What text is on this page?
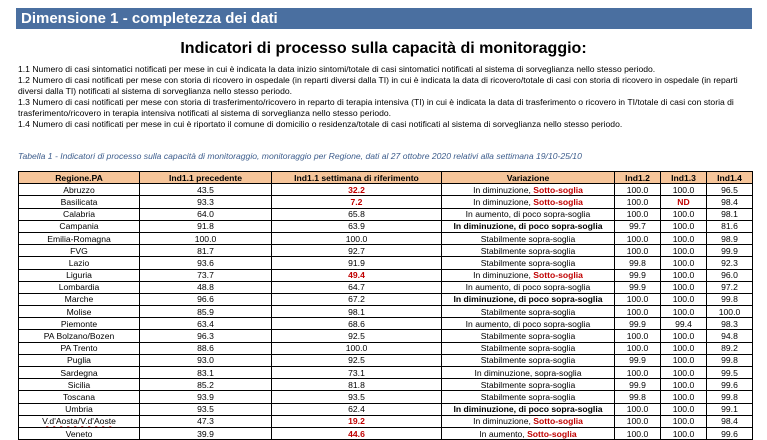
Dimensione 1 - completezza dei dati
Indicatori di processo sulla capacità di monitoraggio:

1.1 Numero di casi sintomatici notificati per mese in cui è indicata la data inizio sintomi/totale di casi sintomatici notificati al sistema di sorveglianza nello stesso periodo.

1.2 Numero di casi notificati per mese con storia di ricovero in ospedale (in reparti diversi dalla TI) in cui è indicata la data di ricovero/totale di casi con storia di ricovero in ospedale (in reparti diversi dalla TI) notificati al sistema di sorveglianza nello stesso periodo.

1.3 Numero di casi notificati per mese con storia di trasferimento/ricovero in reparto di terapia intensiva (TI) in cui è indicata la data di trasferimento o ricovero in TI/totale di casi con storia di trasferimento/ricovero in terapia intensiva notificati al sistema di sorveglianza nello stesso periodo.

1.4 Numero di casi notificati per mese in cui è riportato il comune di domicilio o residenza/totale di casi notificati al sistema di sorveglianza nello stesso periodo.

Tabella 1 - Indicatori di processo sulla capacità di monitoraggio, monitoraggio per Regione, dati al 27 ottobre 2020 relativi alla settimana 19/10-25/10
Regione.PA	Ind1.1 precedente	Ind1.1 settimana di riferimento	Variazione	Ind1.2	Ind1.3	Ind1.4
Abruzzo	43.5	32.2	In diminuzione, Sotto-soglia	100.0	100.0	96.5
Basilicata	93.3	7.2	In diminuzione, Sotto-soglia	100.0	ND	98.4
Calabria	64.0	65.8	In aumento, di poco sopra-soglia	100.0	100.0	98.1
Campania	91.8	63.9	In diminuzione, di poco sopra-soglia	99.7	100.0	81.6
Emilia-Romagna	100.0	100.0	Stabilmente sopra-soglia	100.0	100.0	98.9
FVG	81.7	92.7	Stabilmente sopra-soglia	100.0	100.0	99.9
Lazio	93.6	91.9	Stabilmente sopra-soglia	99.8	100.0	92.3
Liguria	73.7	49.4	In diminuzione, Sotto-soglia	99.9	100.0	96.0
Lombardia	48.8	64.7	In aumento, di poco sopra-soglia	99.9	100.0	97.2
Marche	96.6	67.2	In diminuzione, di poco sopra-soglia	100.0	100.0	99.8
Molise	85.9	98.1	Stabilmente sopra-soglia	100.0	100.0	100.0
Piemonte	63.4	68.6	In aumento, di poco sopra-soglia	99.9	99.4	98.3
PA Bolzano/Bozen	96.3	92.5	Stabilmente sopra-soglia	100.0	100.0	94.8
PA Trento	88.6	100.0	Stabilmente sopra-soglia	100.0	100.0	89.2
Puglia	93.0	92.5	Stabilmente sopra-soglia	99.9	100.0	99.8
Sardegna	83.1	73.1	In diminuzione, sopra-soglia	100.0	100.0	99.5
Sicilia	85.2	81.8	Stabilmente sopra-soglia	99.9	100.0	99.6
Toscana	93.9	93.5	Stabilmente sopra-soglia	99.8	100.0	99.8
Umbria	93.5	62.4	In diminuzione, di poco sopra-soglia	100.0	100.0	99.1
V.d'Aosta/V.d'Aoste	47.3	19.2	In diminuzione, Sotto-soglia	100.0	100.0	98.4
Veneto	39.9	44.6	In aumento, Sotto-soglia	100.0	100.0	99.6
